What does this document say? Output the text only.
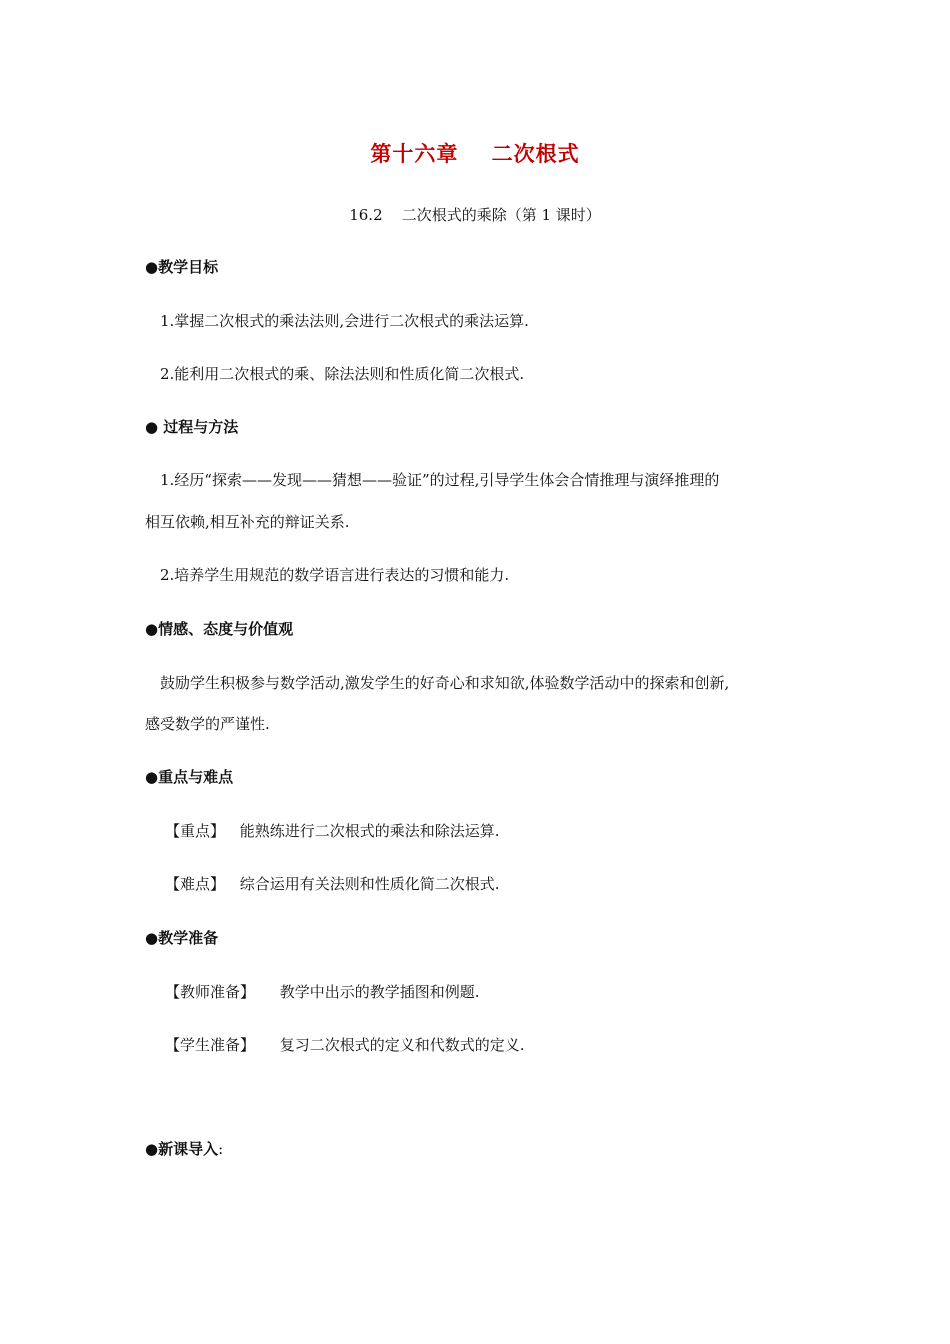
第十六章    二次根式
16.2    二次根式的乘除（第 1 课时）
●教学目标
1.掌握二次根式的乘法法则,会进行二次根式的乘法运算.
2.能利用二次根式的乘、除法法则和性质化简二次根式.
● 过程与方法
1.经历“探索——发现——猜想——验证”的过程,引导学生体会合情推理与演绎推理的
相互依赖,相互补充的辩证关系.
2.培养学生用规范的数学语言进行表达的习惯和能力.
●情感、态度与价值观
鼓励学生积极参与数学活动,激发学生的好奇心和求知欲,体验数学活动中的探索和创新,
感受数学的严谨性.
●重点与难点
【重点】 能熟练进行二次根式的乘法和除法运算.
【难点】 综合运用有关法则和性质化简二次根式.
●教学准备
【教师准备】 教学中出示的教学插图和例题.
【学生准备】 复习二次根式的定义和代数式的定义.
●新课导入:
